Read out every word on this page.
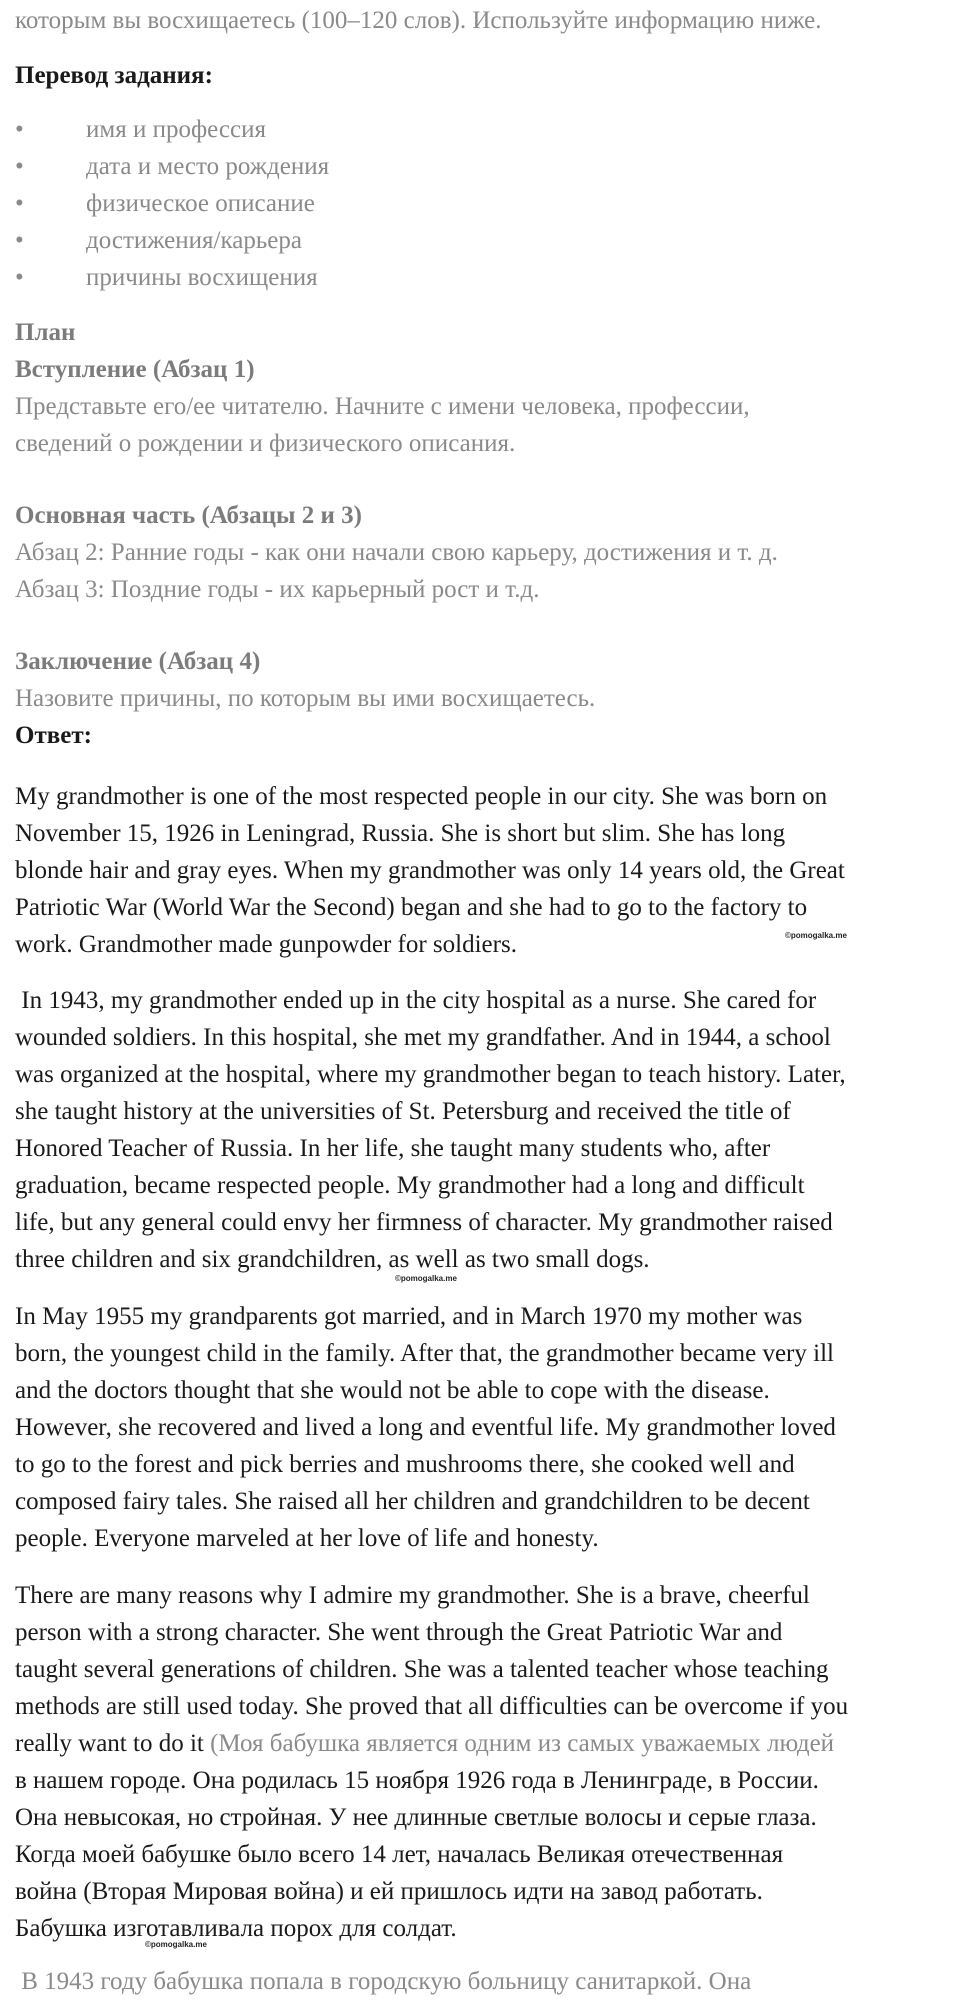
которым вы восхищаетесь (100–120 слов). Используйте информацию ниже.

Перевод задания:

• имя и профессия
• дата и место рождения
• физическое описание
• достижения/карьера
• причины восхищения

План

Вступление (Абзац 1)

Представьте его/ее читателю. Начните с имени человека, профессии,

сведений о рождении и физического описания.

Основная часть (Абзацы 2 и 3)

Абзац 2: Ранние годы - как они начали свою карьеру, достижения и т. д.

Абзац 3: Поздние годы - их карьерный рост и т.д.

Заключение (Абзац 4)

Назовите причины, по которым вы ими восхищаетесь.

Ответ:

My grandmother is one of the most respected people in our city. She was born on

November 15, 1926 in Leningrad, Russia. She is short but slim. She has long

blonde hair and gray eyes. When my grandmother was only 14 years old, the Great

Patriotic War (World War the Second) began and she had to go to the factory to

work. Grandmother made gunpowder for soldiers.	©pomogalka.me

In 1943, my grandmother ended up in the city hospital as a nurse. She cared for

wounded soldiers. In this hospital, she met my grandfather. And in 1944, a school

was organized at the hospital, where my grandmother began to teach history. Later,

she taught history at the universities of St. Petersburg and received the title of

Honored Teacher of Russia. In her life, she taught many students who, after

graduation, became respected people. My grandmother had a long and difficult

life, but any general could envy her firmness of character. My grandmother raised

three children and six grandchildren, as well as two small dogs.

©pomogalka.me

In May 1955 my grandparents got married, and in March 1970 my mother was

born, the youngest child in the family. After that, the grandmother became very ill

and the doctors thought that she would not be able to cope with the disease.

However, she recovered and lived a long and eventful life. My grandmother loved

to go to the forest and pick berries and mushrooms there, she cooked well and

composed fairy tales. She raised all her children and grandchildren to be decent

people. Everyone marveled at her love of life and honesty.

There are many reasons why I admire my grandmother. She is a brave, cheerful

person with a strong character. She went through the Great Patriotic War and

taught several generations of children. She was a talented teacher whose teaching

methods are still used today. She proved that all difficulties can be overcome if you

really want to do it (Моя бабушка является одним из самых уважаемых людей

в нашем городе. Она родилась 15 ноября 1926 года в Ленинграде, в России.

Она невысокая, но стройная. У нее длинные светлые волосы и серые глаза.

Когда моей бабушке было всего 14 лет, началась Великая отечественная

война (Вторая Мировая война) и ей пришлось идти на завод работать.

Бабушка изготавливала порох для солдат.

©pomogalka.me

В 1943 году бабушка попала в городскую больницу санитаркой. Она
